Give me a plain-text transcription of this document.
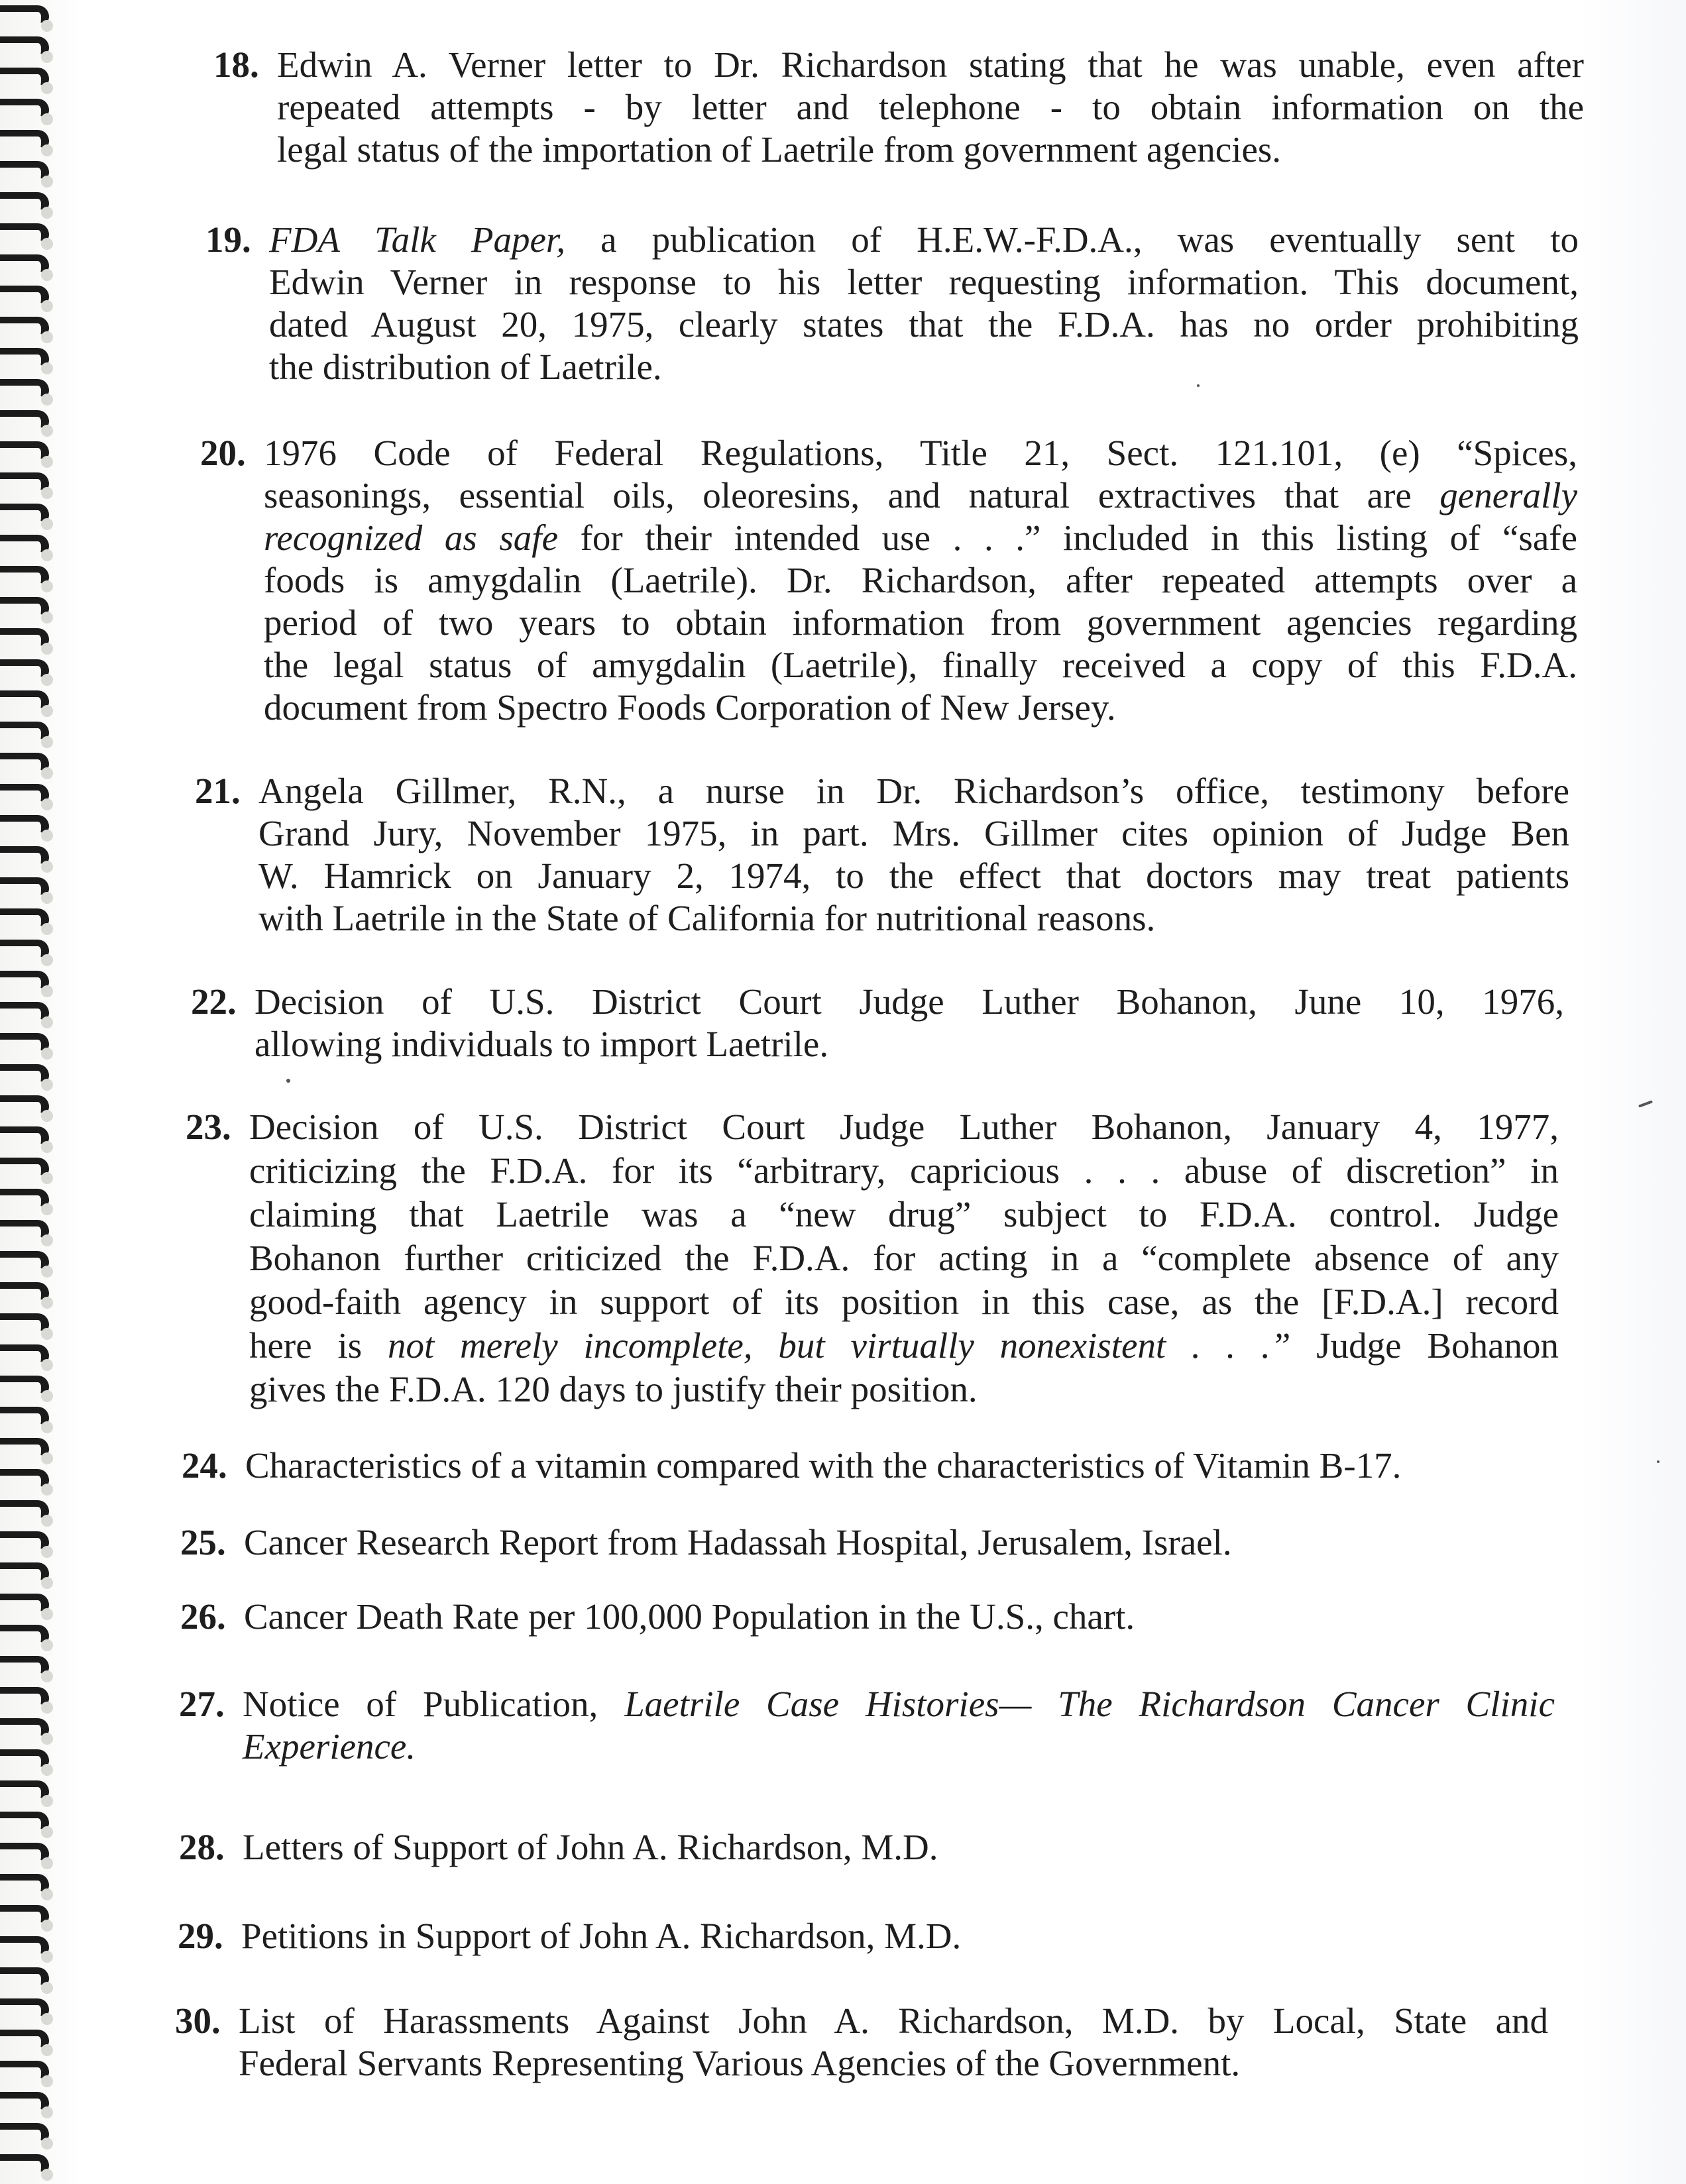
18. Edwin A. Verner letter to Dr. Richardson stating that he was unable, even after
repeated attempts - by letter and telephone - to obtain information on the
legal status of the importation of Laetrile from government agencies.
19. FDA Talk Paper, a publication of H.E.W.-F.D.A., was eventually sent to
Edwin Verner in response to his letter requesting information. This document,
dated August 20, 1975, clearly states that the F.D.A. has no order prohibiting
the distribution of Laetrile.
20. 1976 Code of Federal Regulations, Title 21, Sect. 121.101, (e) “Spices,
seasonings, essential oils, oleoresins, and natural extractives that are generally
recognized as safe for their intended use . . .” included in this listing of “safe
foods is amygdalin (Laetrile). Dr. Richardson, after repeated attempts over a
period of two years to obtain information from government agencies regarding
the legal status of amygdalin (Laetrile), finally received a copy of this F.D.A.
document from Spectro Foods Corporation of New Jersey.
21. Angela Gillmer, R.N., a nurse in Dr. Richardson’s office, testimony before
Grand Jury, November 1975, in part. Mrs. Gillmer cites opinion of Judge Ben
W. Hamrick on January 2, 1974, to the effect that doctors may treat patients
with Laetrile in the State of California for nutritional reasons.
22. Decision of U.S. District Court Judge Luther Bohanon, June 10, 1976,
allowing individuals to import Laetrile.
23. Decision of U.S. District Court Judge Luther Bohanon, January 4, 1977,
criticizing the F.D.A. for its “arbitrary, capricious . . . abuse of discretion” in
claiming that Laetrile was a “new drug” subject to F.D.A. control. Judge
Bohanon further criticized the F.D.A. for acting in a “complete absence of any
good-faith agency in support of its position in this case, as the [F.D.A.] record
here is not merely incomplete, but virtually nonexistent . . .” Judge Bohanon
gives the F.D.A. 120 days to justify their position.
24. Characteristics of a vitamin compared with the characteristics of Vitamin B-17.
25. Cancer Research Report from Hadassah Hospital, Jerusalem, Israel.
26. Cancer Death Rate per 100,000 Population in the U.S., chart.
27. Notice of Publication, Laetrile Case Histories— The Richardson Cancer Clinic
Experience.
28. Letters of Support of John A. Richardson, M.D.
29. Petitions in Support of John A. Richardson, M.D.
30. List of Harassments Against John A. Richardson, M.D. by Local, State and
Federal Servants Representing Various Agencies of the Government.
